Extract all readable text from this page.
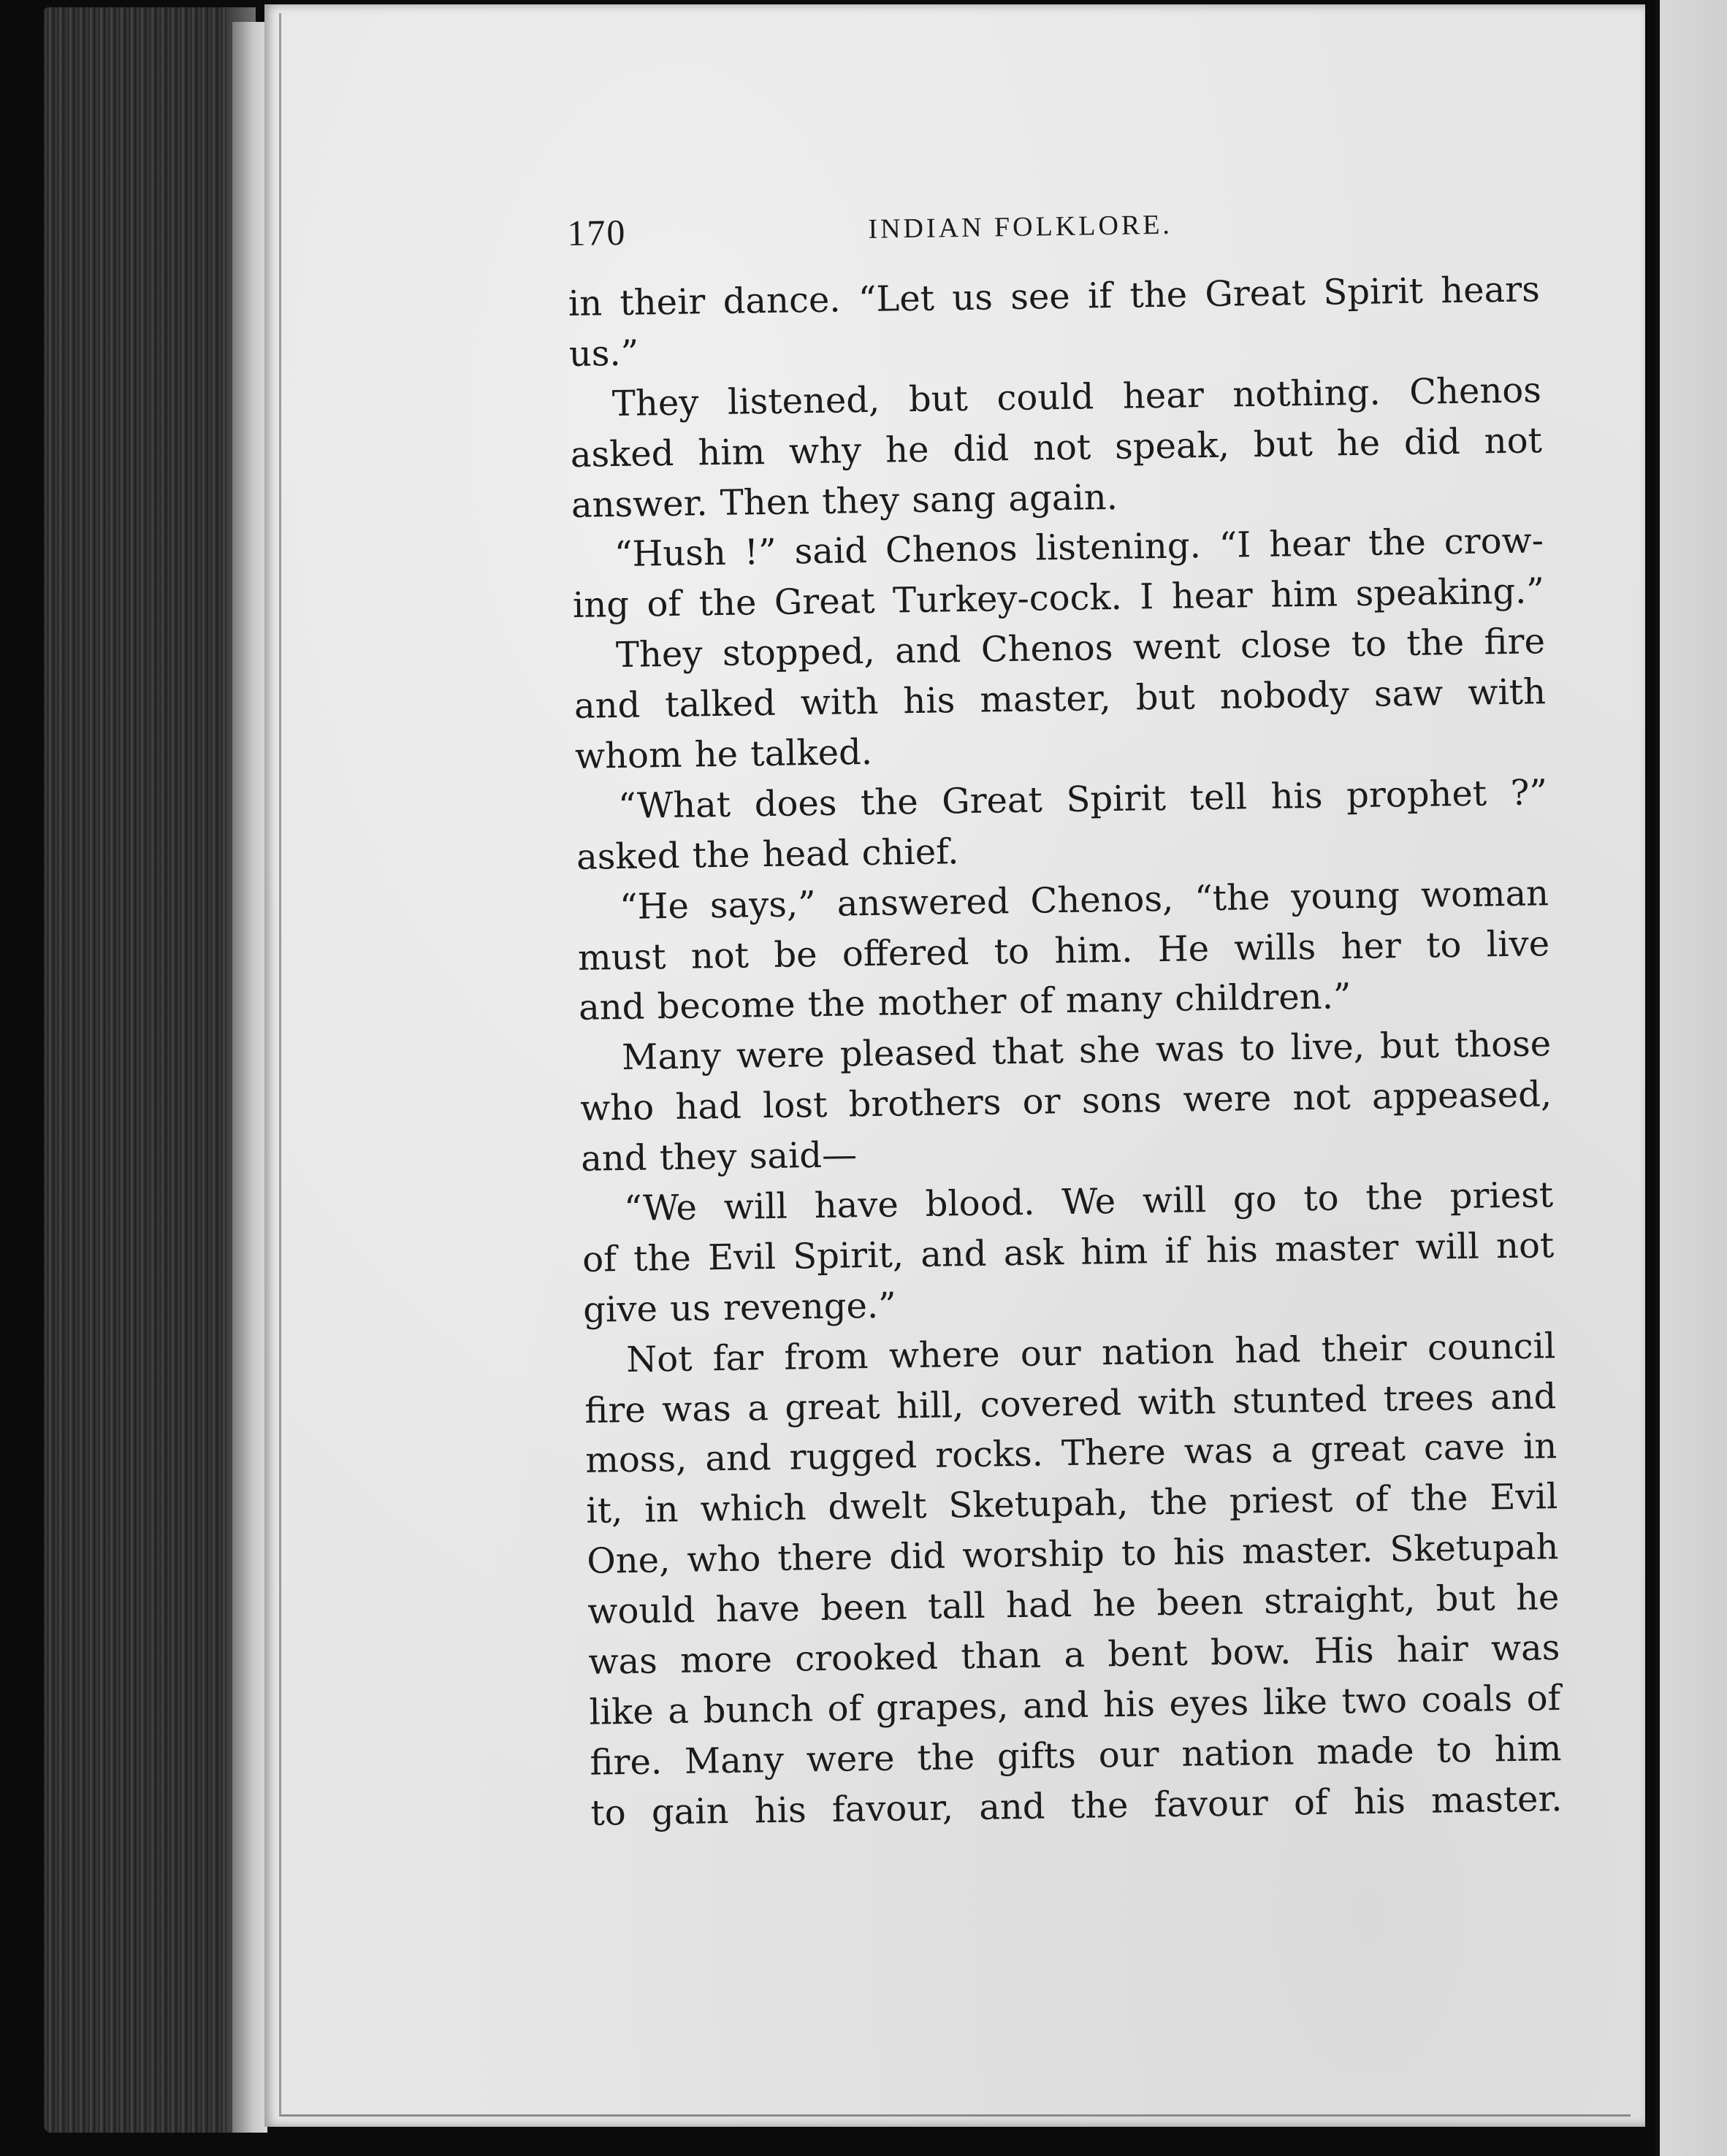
170	INDIAN FOLKLORE.
in their dance. “Let us see if the Great Spirit hears
us.”
They listened, but could hear nothing. Chenos
asked him why he did not speak, but he did not
answer. Then they sang again.
“Hush !” said Chenos listening. “I hear the crow-
ing of the Great Turkey-cock. I hear him speaking.”
They stopped, and Chenos went close to the fire
and talked with his master, but nobody saw with
whom he talked.
“What does the Great Spirit tell his prophet ?”
asked the head chief.
“He says,” answered Chenos, “the young woman
must not be offered to him. He wills her to live
and become the mother of many children.”
Many were pleased that she was to live, but those
who had lost brothers or sons were not appeased,
and they said—
“We will have blood. We will go to the priest
of the Evil Spirit, and ask him if his master will not
give us revenge.”
Not far from where our nation had their council
fire was a great hill, covered with stunted trees and
moss, and rugged rocks. There was a great cave in
it, in which dwelt Sketupah, the priest of the Evil
One, who there did worship to his master. Sketupah
would have been tall had he been straight, but he
was more crooked than a bent bow. His hair was
like a bunch of grapes, and his eyes like two coals of
fire. Many were the gifts our nation made to him
to gain his favour, and the favour of his master.
